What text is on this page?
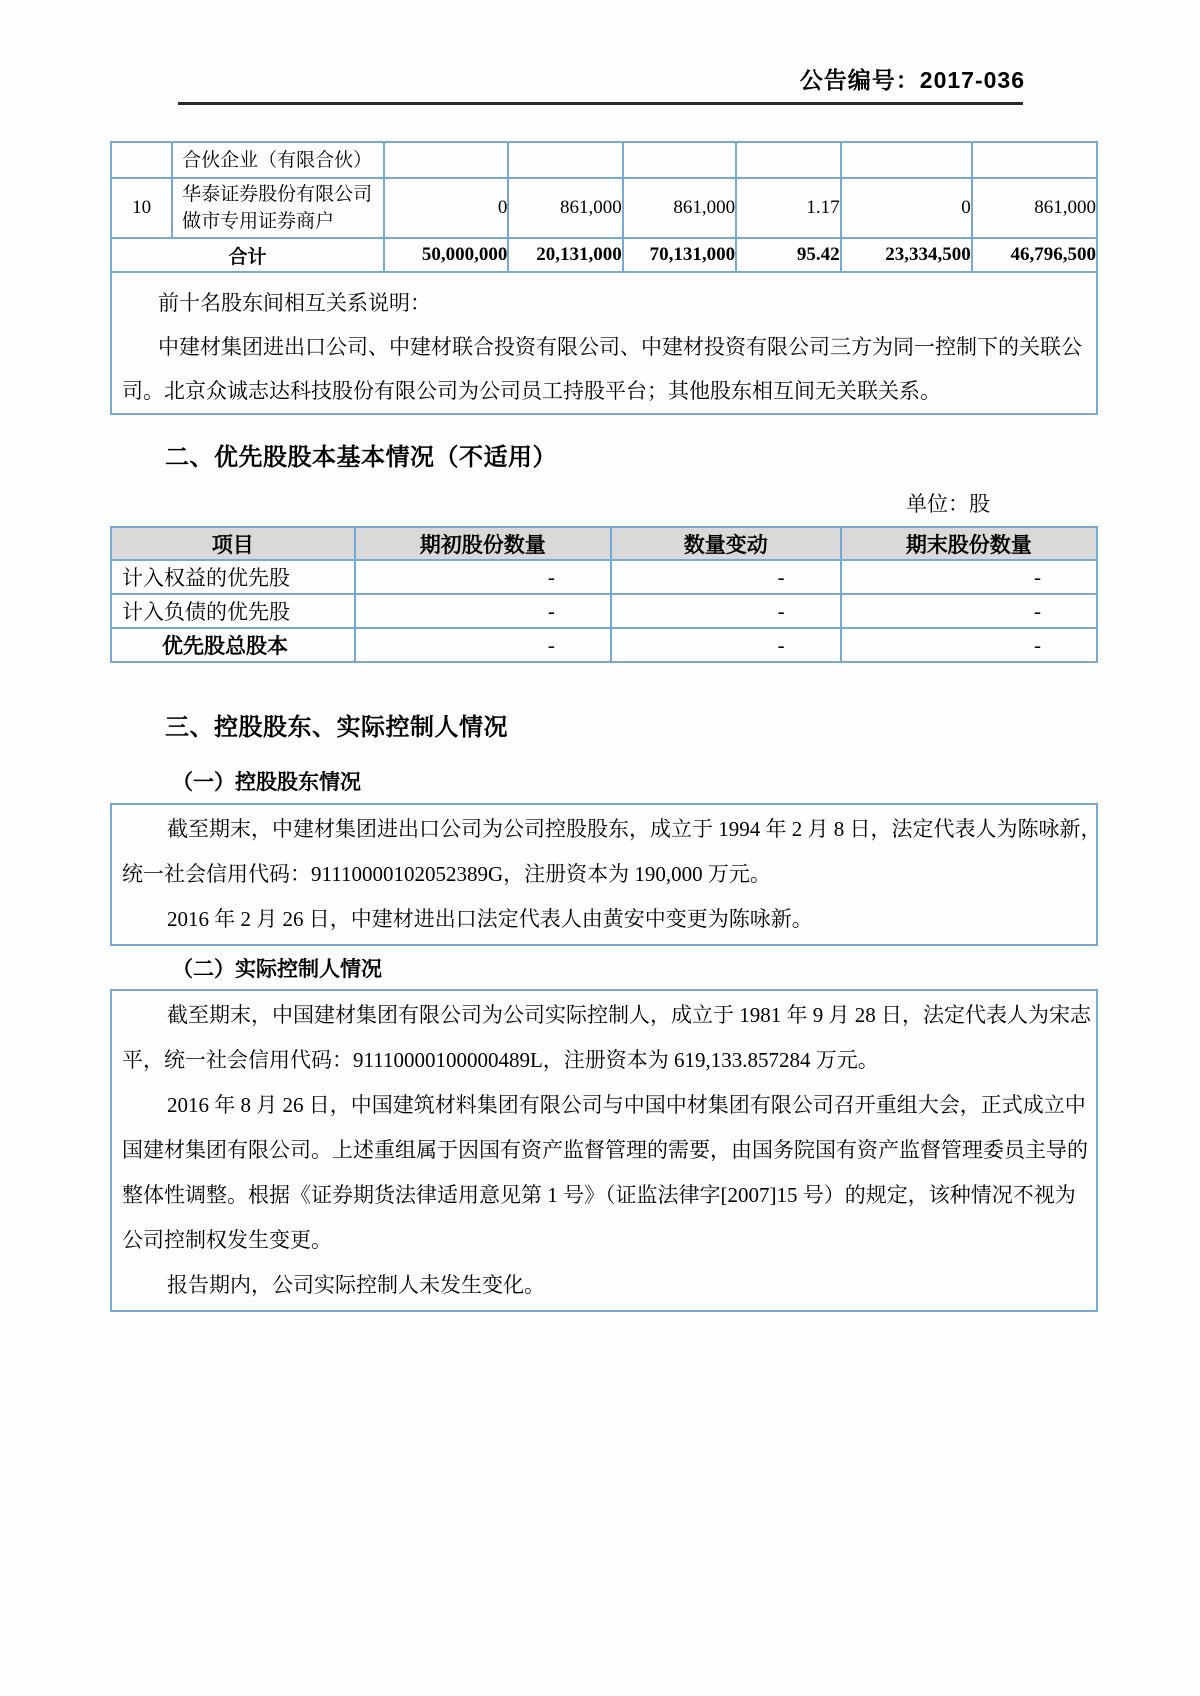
公告编号：2017-036
	合伙企业（有限合伙）						
10	华泰证券股份有限公司
做市专用证券商户	0	861,000	861,000	1.17	0	861,000
合计		50,000,000	20,131,000	70,131,000	95.42	23,334,500	46,796,500

前十名股东间相互关系说明：
中建材集团进出口公司、中建材联合投资有限公司、中建材投资有限公司三方为同一控制下的关联公
司。北京众诚志达科技股份有限公司为公司员工持股平台；其他股东相互间无关联关系。							
二、优先股股本基本情况（不适用）
单位：股
项目	期初股份数量	数量变动	期末股份数量
计入权益的优先股	-	-	-
计入负债的优先股	-	-	-
优先股总股本	-	-	-
三、控股股东、实际控制人情况
（一）控股股东情况
截至期末，中建材集团进出口公司为公司控股股东，成立于 1994 年 2 月 8 日，法定代表人为陈咏新，
统一社会信用代码：91110000102052389G，注册资本为 190,000 万元。
2016 年 2 月 26 日，中建材进出口法定代表人由黄安中变更为陈咏新。
（二）实际控制人情况
截至期末，中国建材集团有限公司为公司实际控制人，成立于 1981 年 9 月 28 日，法定代表人为宋志
平，统一社会信用代码：91110000100000489L，注册资本为 619,133.857284 万元。
2016 年 8 月 26 日，中国建筑材料集团有限公司与中国中材集团有限公司召开重组大会，正式成立中
国建材集团有限公司。上述重组属于因国有资产监督管理的需要，由国务院国有资产监督管理委员主导的
整体性调整。根据《证券期货法律适用意见第 1 号》（证监法律字[2007]15 号）的规定，该种情况不视为
公司控制权发生变更。
报告期内，公司实际控制人未发生变化。
